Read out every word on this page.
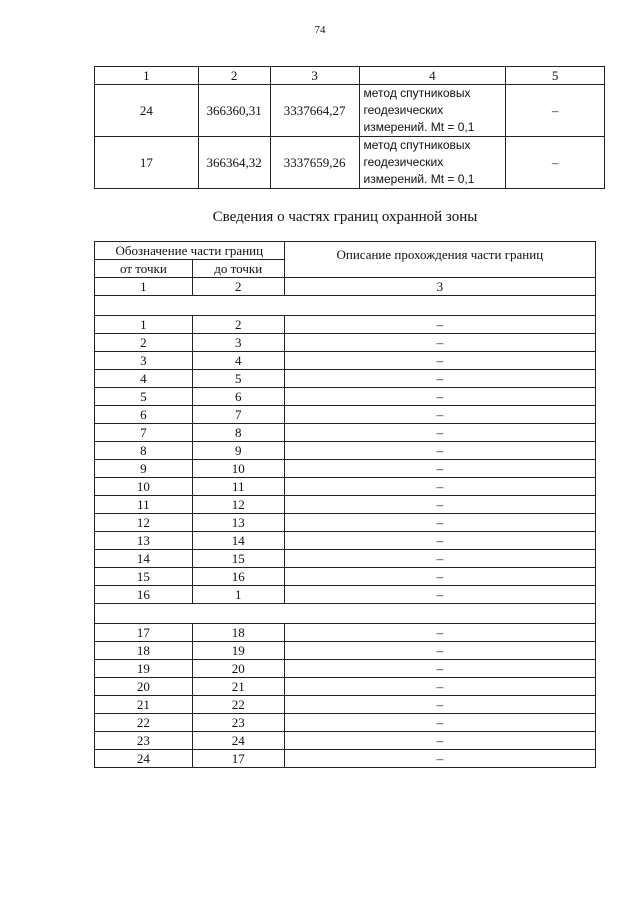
74
1	2	3	4	5
24	366360,31	3337664,27	метод спутниковых
геодезических
измерений. Mt = 0,1	–
17	366364,32	3337659,26	метод спутниковых
геодезических
измерений. Mt = 0,1	–
Сведения о частях границ охранной зоны
Обозначение части границ		Описание прохождения части границ
от точки	до точки	
1	2	3

1	2	–
2	3	–
3	4	–
4	5	–
5	6	–
6	7	–
7	8	–
8	9	–
9	10	–
10	11	–
11	12	–
12	13	–
13	14	–
14	15	–
15	16	–
16	1	–

17	18	–
18	19	–
19	20	–
20	21	–
21	22	–
22	23	–
23	24	–
24	17	–
